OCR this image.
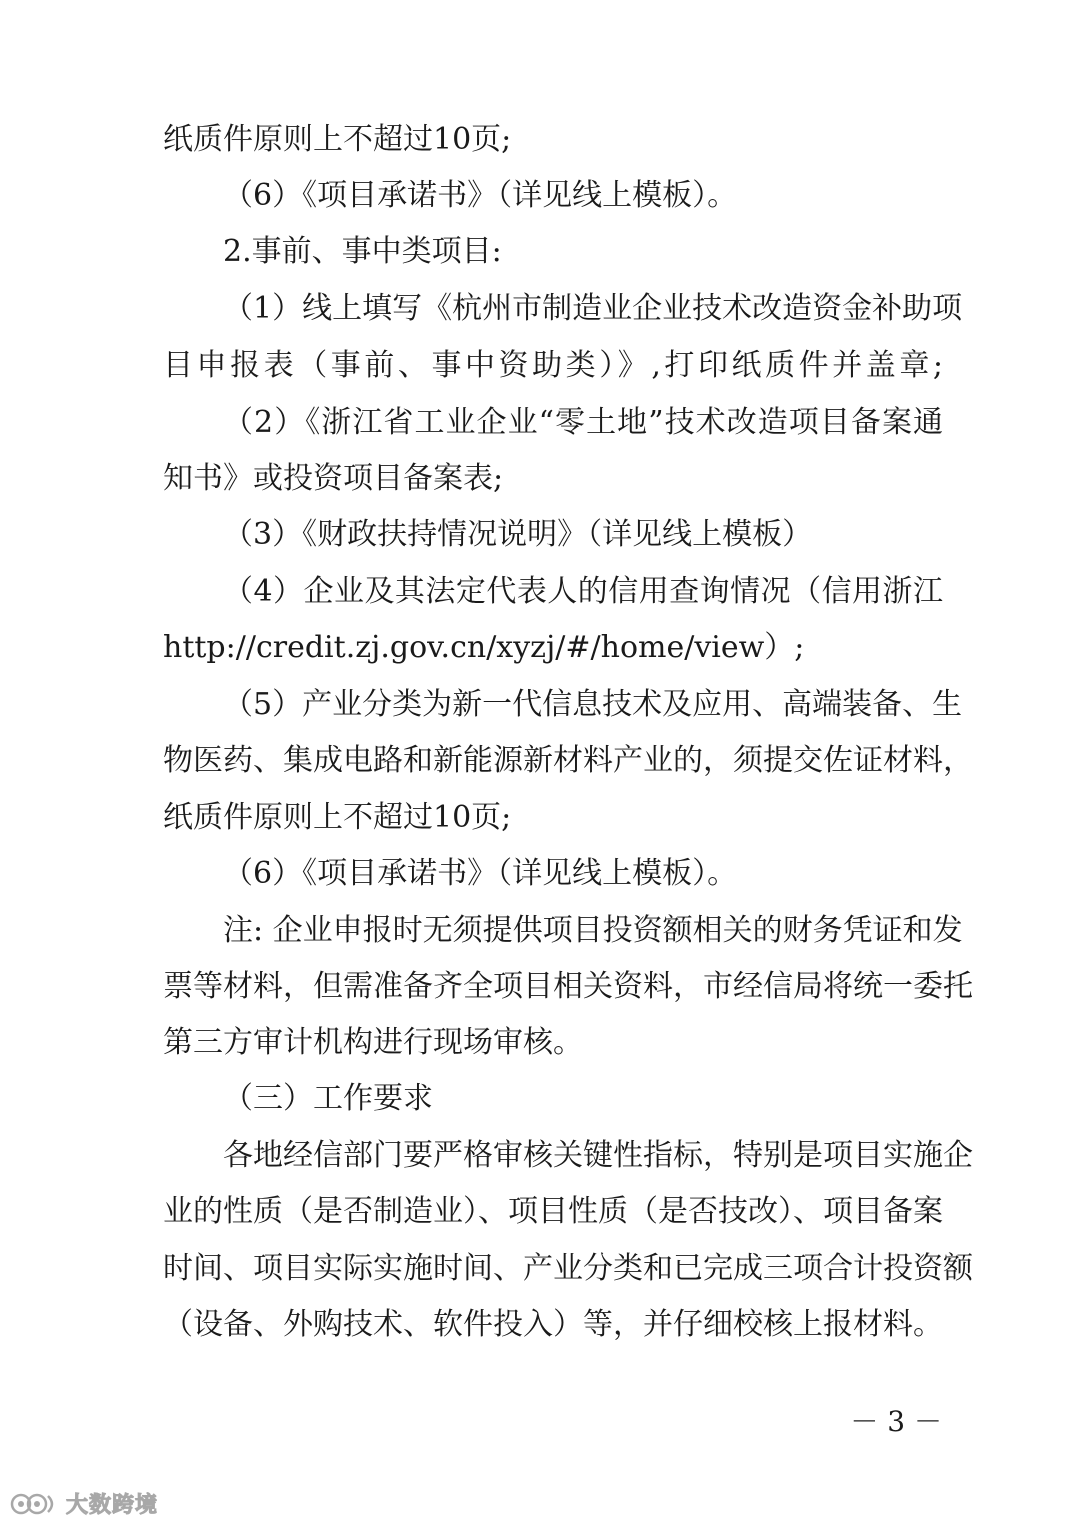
纸质件原则上不超过10页;
（6）《项目承诺书》（详见线上模板）。
2.事前、事中类项目:
（1）线上填写《杭州市制造业企业技术改造资金补助项
目申报表（事前、事中资助类）》,打印纸质件并盖章;
（2）《浙江省工业企业“零土地”技术改造项目备案通
知书》或投资项目备案表;
（3）《财政扶持情况说明》（详见线上模板）
（4）企业及其法定代表人的信用查询情况（信用浙江
http://credit.zj.gov.cn/xyzj/#/home/view）;
（5）产业分类为新一代信息技术及应用、高端装备、生
物医药、集成电路和新能源新材料产业的，须提交佐证材料，
纸质件原则上不超过10页;
（6）《项目承诺书》（详见线上模板）。
注: 企业申报时无须提供项目投资额相关的财务凭证和发
票等材料，但需准备齐全项目相关资料，市经信局将统一委托
第三方审计机构进行现场审核。
（三）工作要求
各地经信部门要严格审核关键性指标，特别是项目实施企
业的性质（是否制造业）、项目性质（是否技改）、项目备案
时间、项目实际实施时间、产业分类和已完成三项合计投资额
（设备、外购技术、软件投入）等，并仔细校核上报材料。
－ 3 －
大数跨境
